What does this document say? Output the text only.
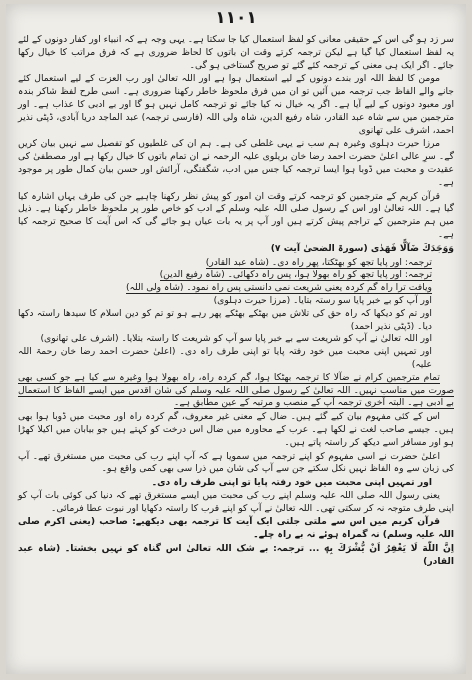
۱۱۰۱

سر زد ہو گی اس کے حقیقی معانی کو لفظ استعمال کیا جا سکتا ہے۔ یہی وجہ ہے کہ انبیاء اور کفار دونوں کے لئے یہ لفظ استعمال کیا گیا ہے لیکن ترجمہ کرتے وقت ان باتوں کا لحاظ ضروری ہے کہ فرق مراتب کا خیال رکھا جائے۔ اگر ایک ہی معنی کے ترجمہ کئے گئے تو صریح گستاخی ہو گی۔

مومن کا لفظ اللہ اور بندے دونوں کے لیے استعمال ہوا ہے اور اللہ تعالیٰ اور رب العزت کے لیے استعمال کئے جانے والے الفاظ جب ترجمہ میں آئیں تو ان میں فرق ملحوظ خاطر رکھنا ضروری ہے۔ اسی طرح لفظ شاکر بندہ اور معبود دونوں کے لیے آیا ہے۔ اگر یہ خیال نہ کیا جائے تو ترجمہ کامل نہیں ہو گا اور بے ادبی کا عذاب ہے۔ اور مترجمین میں سے شاہ عبد القادر، شاہ رفیع الدین، شاہ ولی اللہ (فارسی ترجمہ) عبد الماجد دریا آبادی، ڈپٹی نذیر احمد، اشرف علی تھانوی

مرزا حیرت دہلوی وغیرہ ہم سب نے یہی غلطی کی ہے۔ ہم ان کی غلطیوں کو تفصیل سے نہیں بیان کریں گے۔ سرِ عالی اعلیٰ حضرت احمد رضا خان بریلوی علیہ الرحمہ نے ان تمام باتوں کا خیال رکھا ہے اور مصطفیٰ کی عقیدت و محبت میں ڈوبا ہوا ایسا ترجمہ کیا جس میں ادب، شگفتگی، آرائش اور حسن بیان کمال طور پر موجود ہے۔

قرآن کریم کے مترجمین کو ترجمہ کرتے وقت ان امور کو پیش نظر رکھنا چاہیے جن کی طرف یہاں اشارہ کیا گیا ہے۔ اللہ تعالیٰ اور اس کے رسول صلی اللہ علیہ وسلم کے ادب کو خاص طور پر ملحوظ خاطر رکھنا ہے۔ ذیل میں ہم مترجمین کے تراجم پیش کرتے ہیں اور آپ پر یہ بات عیاں ہو جائے گی کہ اس آیت کا صحیح ترجمہ کیا ہے۔

وَوَجَدَكَ ضَآلًّا فَهَدٰى (سورۃ الضحیٰ آیت ۷)

ترجمہ: اور پایا تجھ کو بھٹکتا، پھر راہ دی۔ (شاہ عبد القادر)

ترجمہ: اور پایا تجھ کو راہ بھولا ہوا، پس راہ دکھائی۔ (شاہ رفیع الدین)

ویافت ترا راہ گم کردہ یعنی شریعت نمی دانستی پس راہ نمود۔ (شاہ ولی اللہ)

اور آپ کو بے خبر پایا سو رستہ بتایا۔ (مرزا حیرت دہلوی)

اور تم کو دیکھا کہ راہ حق کی تلاش میں بھٹکے بھٹکے پھر رہے ہو تو تم کو دین اسلام کا سیدھا راستہ دکھا دیا۔ (ڈپٹی نذیر احمد)

اور اللہ تعالیٰ نے آپ کو شریعت سے بے خبر پایا سو آپ کو شریعت کا راستہ بتلایا۔ (اشرف علی تھانوی)

اور تمہیں اپنی محبت میں خود رفتہ پایا تو اپنی طرف راہ دی۔ (اعلیٰ حضرت احمد رضا خان رحمۃ اللہ علیہ)

تمام مترجمین کرام نے ضآلا کا ترجمہ بھٹکا ہوا، گم کردہ راہ، راہ بھولا ہوا وغیرہ سے کیا ہے جو کسی بھی صورت میں مناسب نہیں۔ اللہ تعالیٰ کے رسول صلی اللہ علیہ وسلم کی شان اقدس میں ایسے الفاظ کا استعمال بے ادبی ہے۔ البتہ آخری ترجمہ آپ کے منصب و مرتبہ کے عین مطابق ہے۔

اس کے کئی مفہوم بیان کیے گئے ہیں۔ ضال کے معنی غیر معروف، گم کردہ راہ اور محبت میں ڈوبا ہوا بھی ہیں۔ جیسے صاحب لغت نے لکھا ہے۔ عرب کے محاورہ میں ضال اس درخت کو کہتے ہیں جو بیابان میں اکیلا کھڑا ہو اور مسافر اسے دیکھ کر راستہ پاتے ہیں۔

اعلیٰ حضرت نے اسی مفہوم کو اپنے ترجمہ میں سمویا ہے کہ آپ اپنے رب کی محبت میں مستغرق تھے۔ آپ کی زبان سے وہ الفاظ نہیں نکل سکتے جن سے آپ کی شان میں ذرا سی بھی کمی واقع ہو۔

اور تمہیں اپنی محبت میں خود رفتہ پایا تو اپنی طرف راہ دی۔

یعنی رسول اللہ صلی اللہ علیہ وسلم اپنے رب کی محبت میں ایسے مستغرق تھے کہ دنیا کی کوئی بات آپ کو اپنی طرف متوجہ نہ کر سکتی تھی۔ اللہ تعالیٰ نے آپ کو اپنے قرب کا راستہ دکھایا اور نبوت عطا فرمائی۔

قرآن کریم میں اس سے ملتی جلتی ایک آیت کا ترجمہ بھی دیکھیے: صاحب (یعنی اکرم صلی اللہ علیہ وسلم) نہ گمراہ ہوئے نہ بے راہ چلے۔

اِنَّ اللّٰهَ لَا يَغْفِرُ اَنْ يُّشْرَكَ بِهٖ ... ترجمہ: بے شک اللہ تعالیٰ اس گناہ کو نہیں بخشتا۔ (شاہ عبد القادر)
